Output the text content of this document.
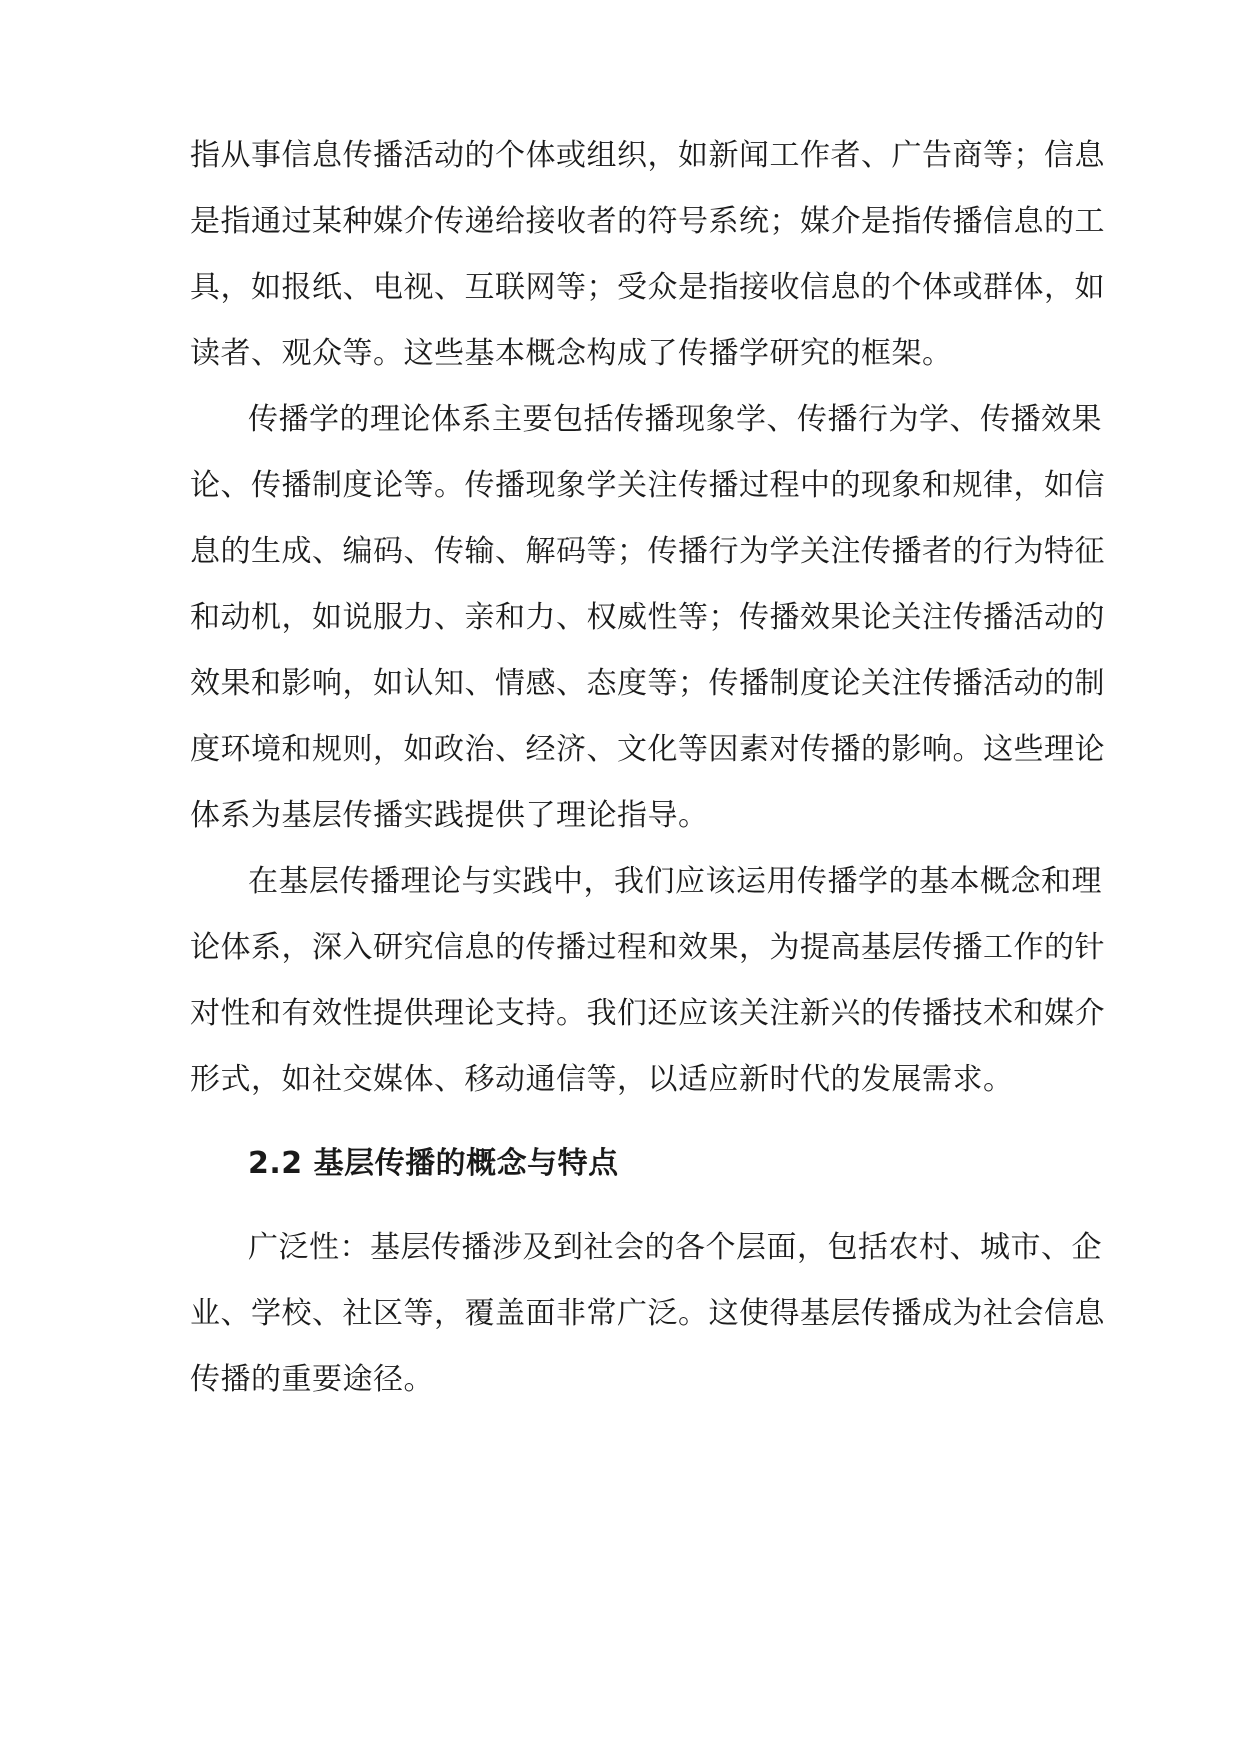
指从事信息传播活动的个体或组织，如新闻工作者、广告商等；信息
是指通过某种媒介传递给接收者的符号系统；媒介是指传播信息的工
具，如报纸、电视、互联网等；受众是指接收信息的个体或群体，如
读者、观众等。这些基本概念构成了传播学研究的框架。
传播学的理论体系主要包括传播现象学、传播行为学、传播效果
论、传播制度论等。传播现象学关注传播过程中的现象和规律，如信
息的生成、编码、传输、解码等；传播行为学关注传播者的行为特征
和动机，如说服力、亲和力、权威性等；传播效果论关注传播活动的
效果和影响，如认知、情感、态度等；传播制度论关注传播活动的制
度环境和规则，如政治、经济、文化等因素对传播的影响。这些理论
体系为基层传播实践提供了理论指导。
在基层传播理论与实践中，我们应该运用传播学的基本概念和理
论体系，深入研究信息的传播过程和效果，为提高基层传播工作的针
对性和有效性提供理论支持。我们还应该关注新兴的传播技术和媒介
形式，如社交媒体、移动通信等，以适应新时代的发展需求。
2.2 基层传播的概念与特点
广泛性：基层传播涉及到社会的各个层面，包括农村、城市、企
业、学校、社区等，覆盖面非常广泛。这使得基层传播成为社会信息
传播的重要途径。
